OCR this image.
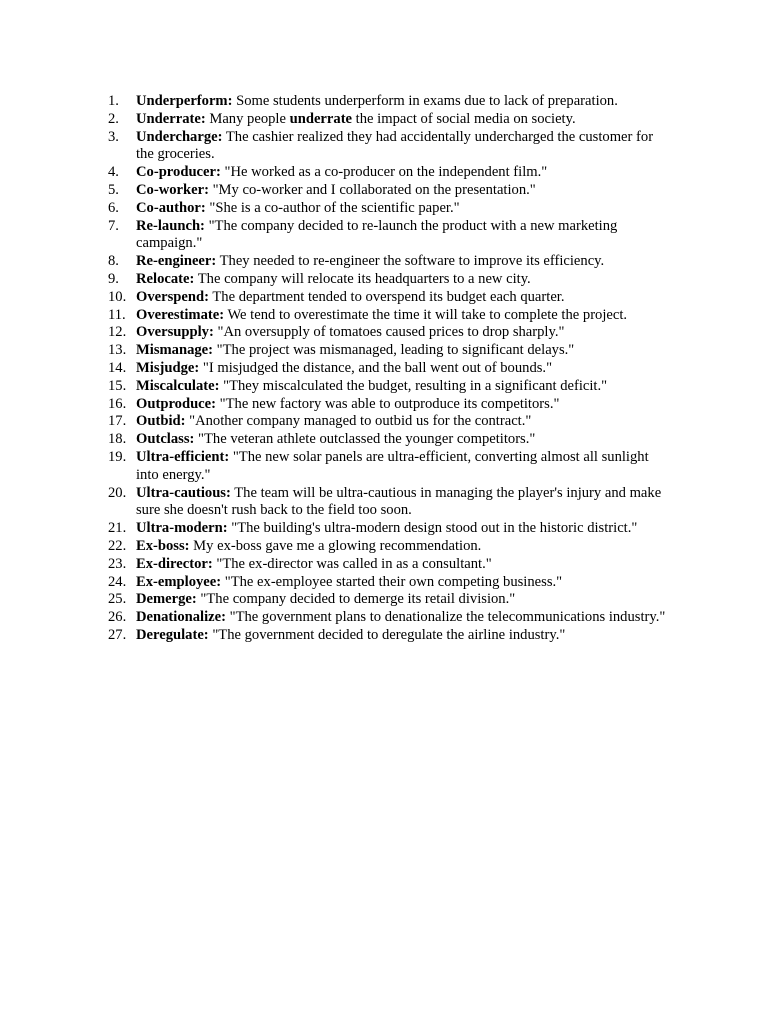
1.	Underperform: Some students underperform in exams due to lack of preparation.
2.	Underrate: Many people underrate the impact of social media on society.
3.	Undercharge: The cashier realized they had accidentally undercharged the customer for the groceries.
4.	Co-producer: "He worked as a co-producer on the independent film."
5.	Co-worker: "My co-worker and I collaborated on the presentation."
6.	Co-author: "She is a co-author of the scientific paper."
7.	Re-launch: "The company decided to re-launch the product with a new marketing campaign."
8.	Re-engineer: They needed to re-engineer the software to improve its efficiency.
9.	Relocate: The company will relocate its headquarters to a new city.
10. Overspend: The department tended to overspend its budget each quarter.
11. Overestimate: We tend to overestimate the time it will take to complete the project.
12. Oversupply: "An oversupply of tomatoes caused prices to drop sharply."
13. Mismanage: "The project was mismanaged, leading to significant delays."
14. Misjudge: "I misjudged the distance, and the ball went out of bounds."
15. Miscalculate: "They miscalculated the budget, resulting in a significant deficit."
16. Outproduce: "The new factory was able to outproduce its competitors."
17. Outbid: "Another company managed to outbid us for the contract."
18. Outclass: "The veteran athlete outclassed the younger competitors."
19. Ultra-efficient: "The new solar panels are ultra-efficient, converting almost all sunlight into energy."
20. Ultra-cautious: The team will be ultra-cautious in managing the player's injury and make sure she doesn't rush back to the field too soon.
21. Ultra-modern: "The building's ultra-modern design stood out in the historic district."
22. Ex-boss: My ex-boss gave me a glowing recommendation.
23. Ex-director: "The ex-director was called in as a consultant."
24. Ex-employee: "The ex-employee started their own competing business."
25. Demerge: "The company decided to demerge its retail division."
26. Denationalize: "The government plans to denationalize the telecommunications industry."
27. Deregulate: "The government decided to deregulate the airline industry."
